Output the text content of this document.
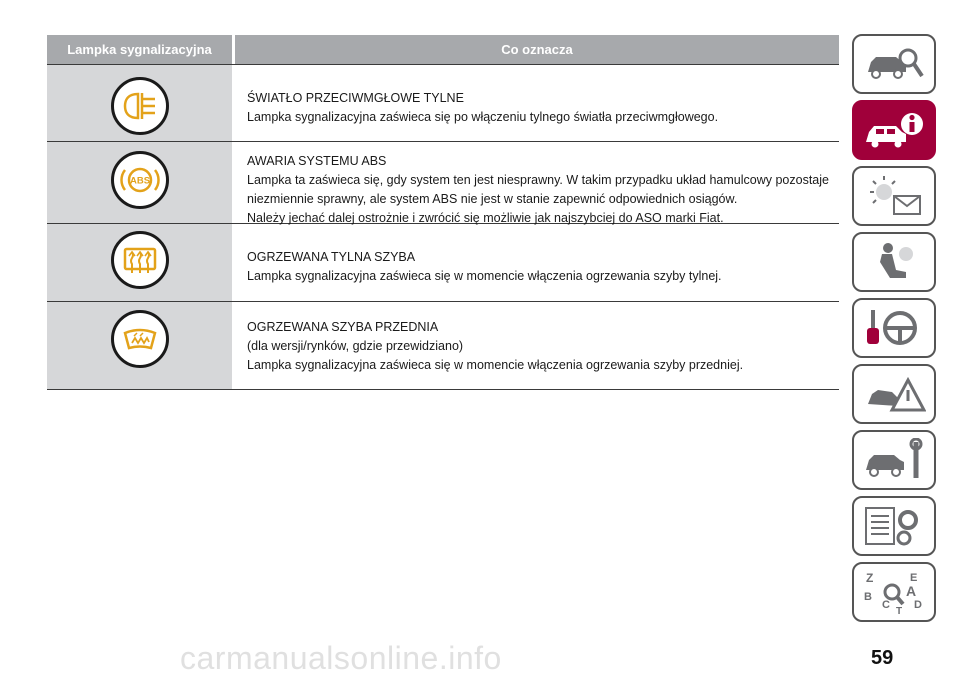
Lampka sygnalizacyjna	Co oznacza
ŚWIATŁO PRZECIWMGŁOWE TYLNE
Lampka sygnalizacyjna zaświeca się po włączeniu tylnego światła przeciwmgłowego.
ABS
AWARIA SYSTEMU ABS
Lampka ta zaświeca się, gdy system ten jest niesprawny. W takim przypadku układ hamulcowy pozostaje
niezmiennie sprawny, ale system ABS nie jest w stanie zapewnić odpowiednich osiągów.
Należy jechać dalej ostrożnie i zwrócić się możliwie jak najszybciej do ASO marki Fiat.
OGRZEWANA TYLNA SZYBA
Lampka sygnalizacyjna zaświeca się w momencie włączenia ogrzewania szyby tylnej.
OGRZEWANA SZYBA PRZEDNIA
(dla wersji/rynków, gdzie przewidziano)
Lampka sygnalizacyjna zaświeca się w momencie włączenia ogrzewania szyby przedniej.
Z	E
A
B
C D
T
59
carmanualsonline.info
